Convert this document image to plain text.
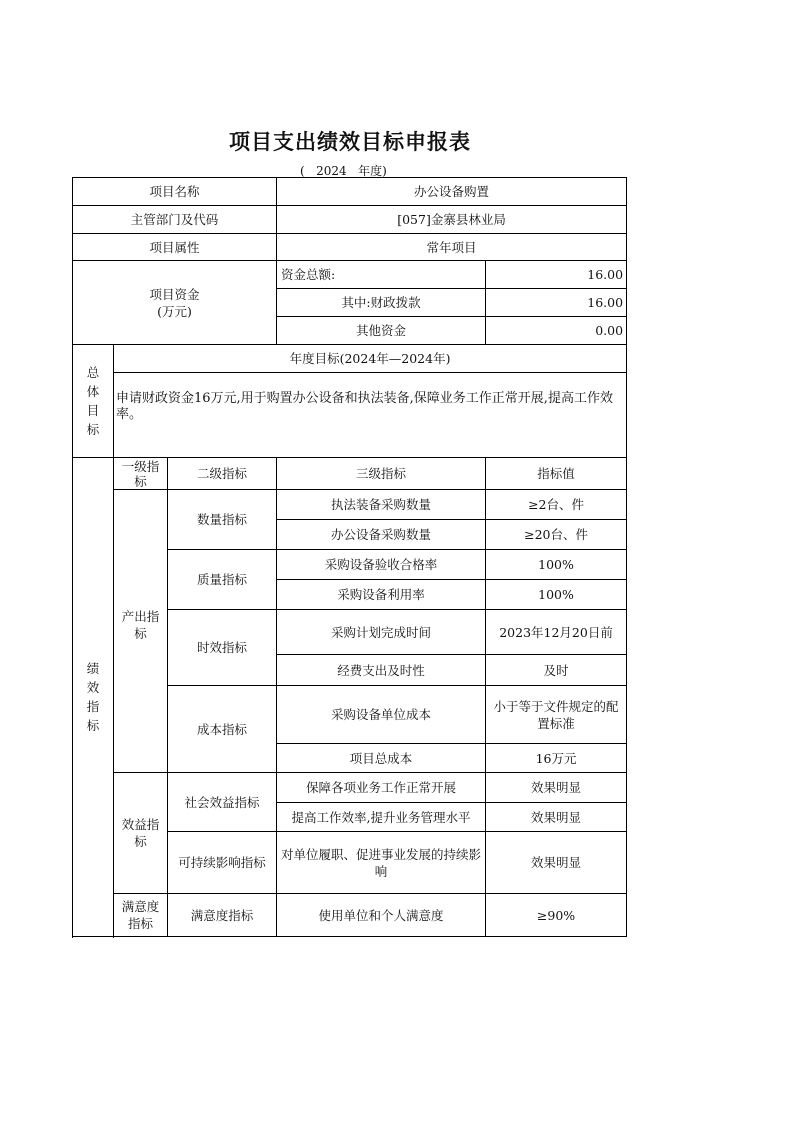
项目支出绩效目标申报表
(   2024   年度)
项目名称			办公设备购置	
主管部门及代码			[057]金寨县林业局	
项目属性			常年项目	

项目资金
(万元)			资金总额:	16.00
			其中:财政拨款	16.00
			其他资金	0.00
总
体
目
标	年度目标(2024年—2024年)			
	申请财政资金16万元,用于购置办公设备和执法装备,保障业务工作正常开展,提高工作效率。			
绩
效
指
标	一级指标	二级指标	三级指标	指标值
	产出指标	数量指标	执法装备采购数量	≥2台、件
			办公设备采购数量	≥20台、件
		质量指标	采购设备验收合格率	100%
			采购设备利用率	100%
		时效指标	采购计划完成时间	2023年12月20日前
			经费支出及时性	及时
		成本指标	采购设备单位成本	小于等于文件规定的配置标准
			项目总成本	16万元

	效益指标	社会效益指标	保障各项业务工作正常开展	效果明显
			提高工作效率,提升业务管理水平	效果明显
		可持续影响指标	对单位履职、促进事业发展的持续影响	效果明显
	满意度指标	满意度指标	使用单位和个人满意度	≥90%
